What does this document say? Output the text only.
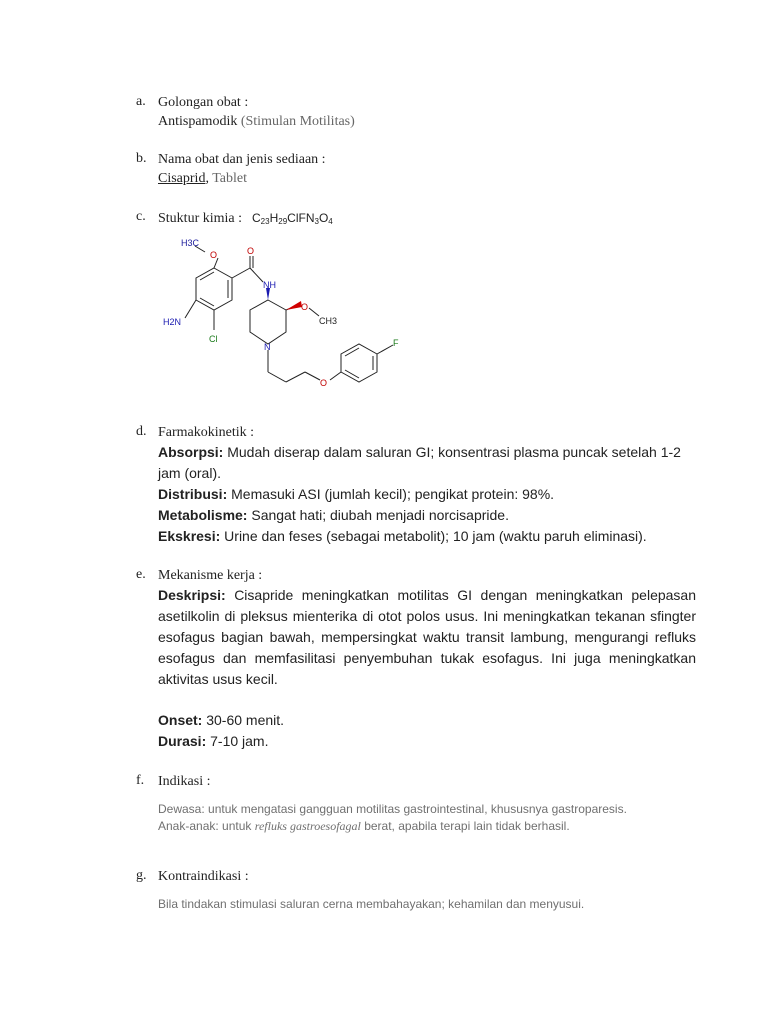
a. Golongan obat :
Antispamodik (Stimulan Motilitas)
b. Nama obat dan jenis sediaan :
Cisaprid, Tablet
c. Stuktur kimia : $C_{23}H_{29}ClFN_3O_4$
H3C
O	O
NH
H2N
Cl
O
CH3
N
O
F
d. Farmakokinetik :
Absorpsi: Mudah diserap dalam saluran GI; konsentrasi plasma puncak setelah 1-2 jam (oral).
Distribusi: Memasuki ASI (jumlah kecil); pengikat protein: 98%.
Metabolisme: Sangat hati; diubah menjadi norcisapride.
Ekskresi: Urine dan feses (sebagai metabolit); 10 jam (waktu paruh eliminasi).
e. Mekanisme kerja :
Deskripsi: Cisapride meningkatkan motilitas GI dengan meningkatkan pelepasan asetilkolin di pleksus mienterika di otot polos usus. Ini meningkatkan tekanan sfingter esofagus bagian bawah, mempersingkat waktu transit lambung, mengurangi refluks esofagus dan memfasilitasi penyembuhan tukak esofagus. Ini juga meningkatkan aktivitas usus kecil.
Onset: 30-60 menit.
Durasi: 7-10 jam.
f. Indikasi :
Dewasa: untuk mengatasi gangguan motilitas gastrointestinal, khususnya gastroparesis.
Anak-anak: untuk refluks gastroesofagal berat, apabila terapi lain tidak berhasil.
g. Kontraindikasi :
Bila tindakan stimulasi saluran cerna membahayakan; kehamilan dan menyusui.
